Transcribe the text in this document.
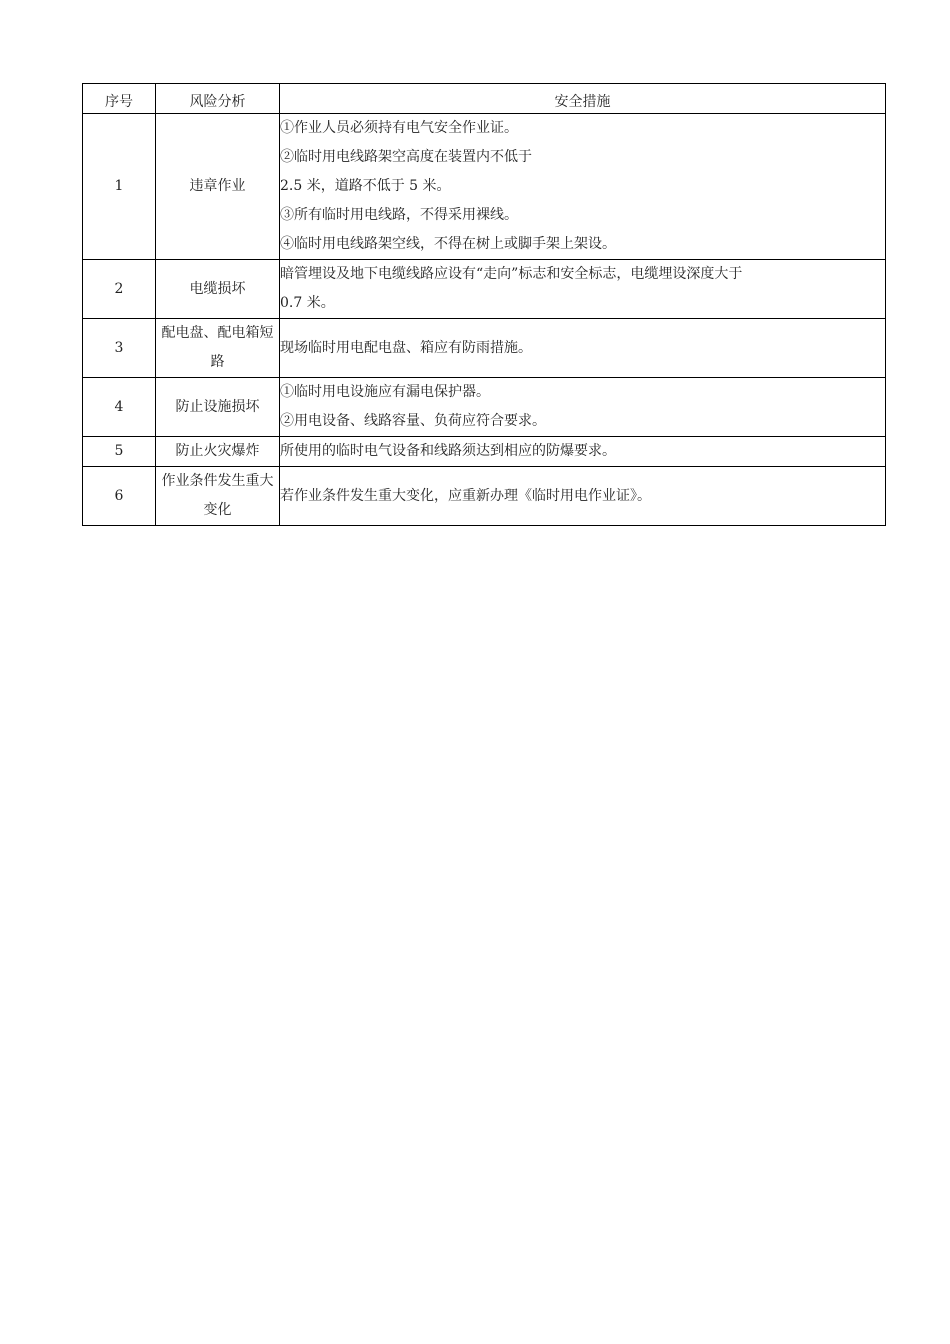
序号	风险分析	安全措施
1	违章作业	①作业人员必须持有电气安全作业证。
②临时用电线路架空高度在装置内不低于
2.5 米，道路不低于 5 米。
③所有临时用电线路，不得采用裸线。
④临时用电线路架空线，不得在树上或脚手架上架设。

2	电缆损坏	暗管埋设及地下电缆线路应设有“走向”标志和安全标志，电缆埋设深度大于
0.7 米。

3	配电盘、配电箱短路	现场临时用电配电盘、箱应有防雨措施。

4	防止设施损坏	①临时用电设施应有漏电保护器。
②用电设备、线路容量、负荷应符合要求。

5	防止火灾爆炸	所使用的临时电气设备和线路须达到相应的防爆要求。

6	作业条件发生重大变化	若作业条件发生重大变化，应重新办理《临时用电作业证》。
